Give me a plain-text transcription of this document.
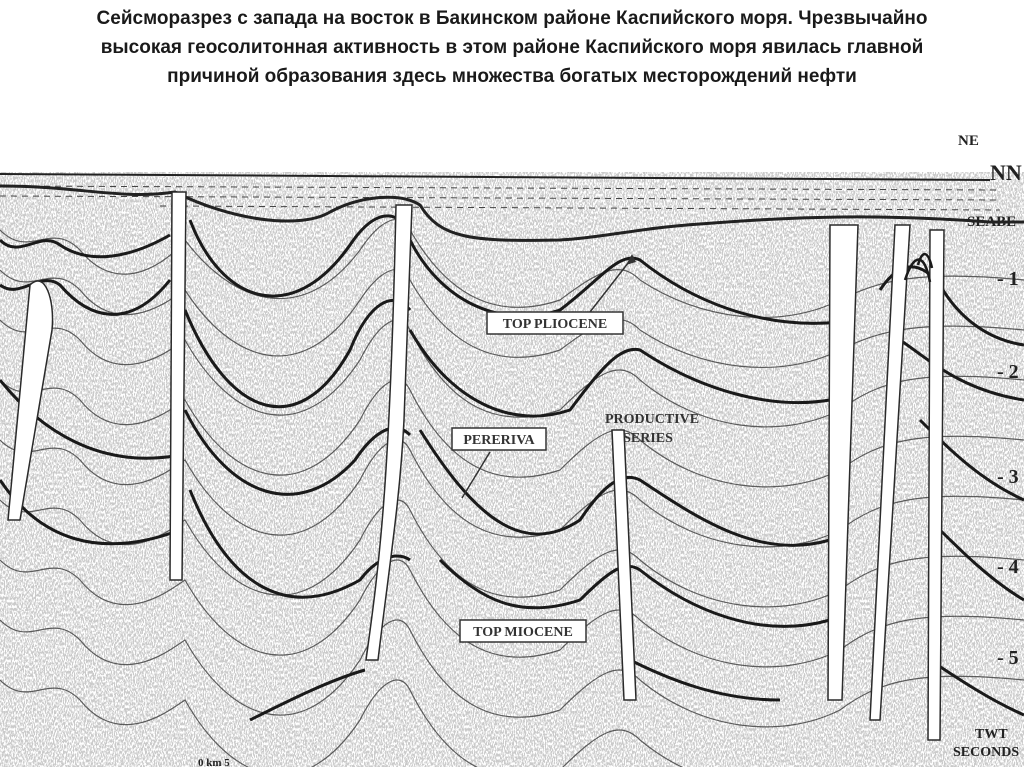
Сейсморазрез с запада на восток в Бакинском районе Каспийского моря. Чрезвычайно
высокая геосолитонная активность в этом районе Каспийского моря явилась главной
причиной образования здесь множества богатых месторождений нефти
TOP PLIOCENE
PERERIVA
PRODUCTIVE
SERIES
TOP MIOCENE
NE
NN
SEABE
- 1
- 2
- 3
- 4
- 5
TWT
SECONDS
0 km 5
